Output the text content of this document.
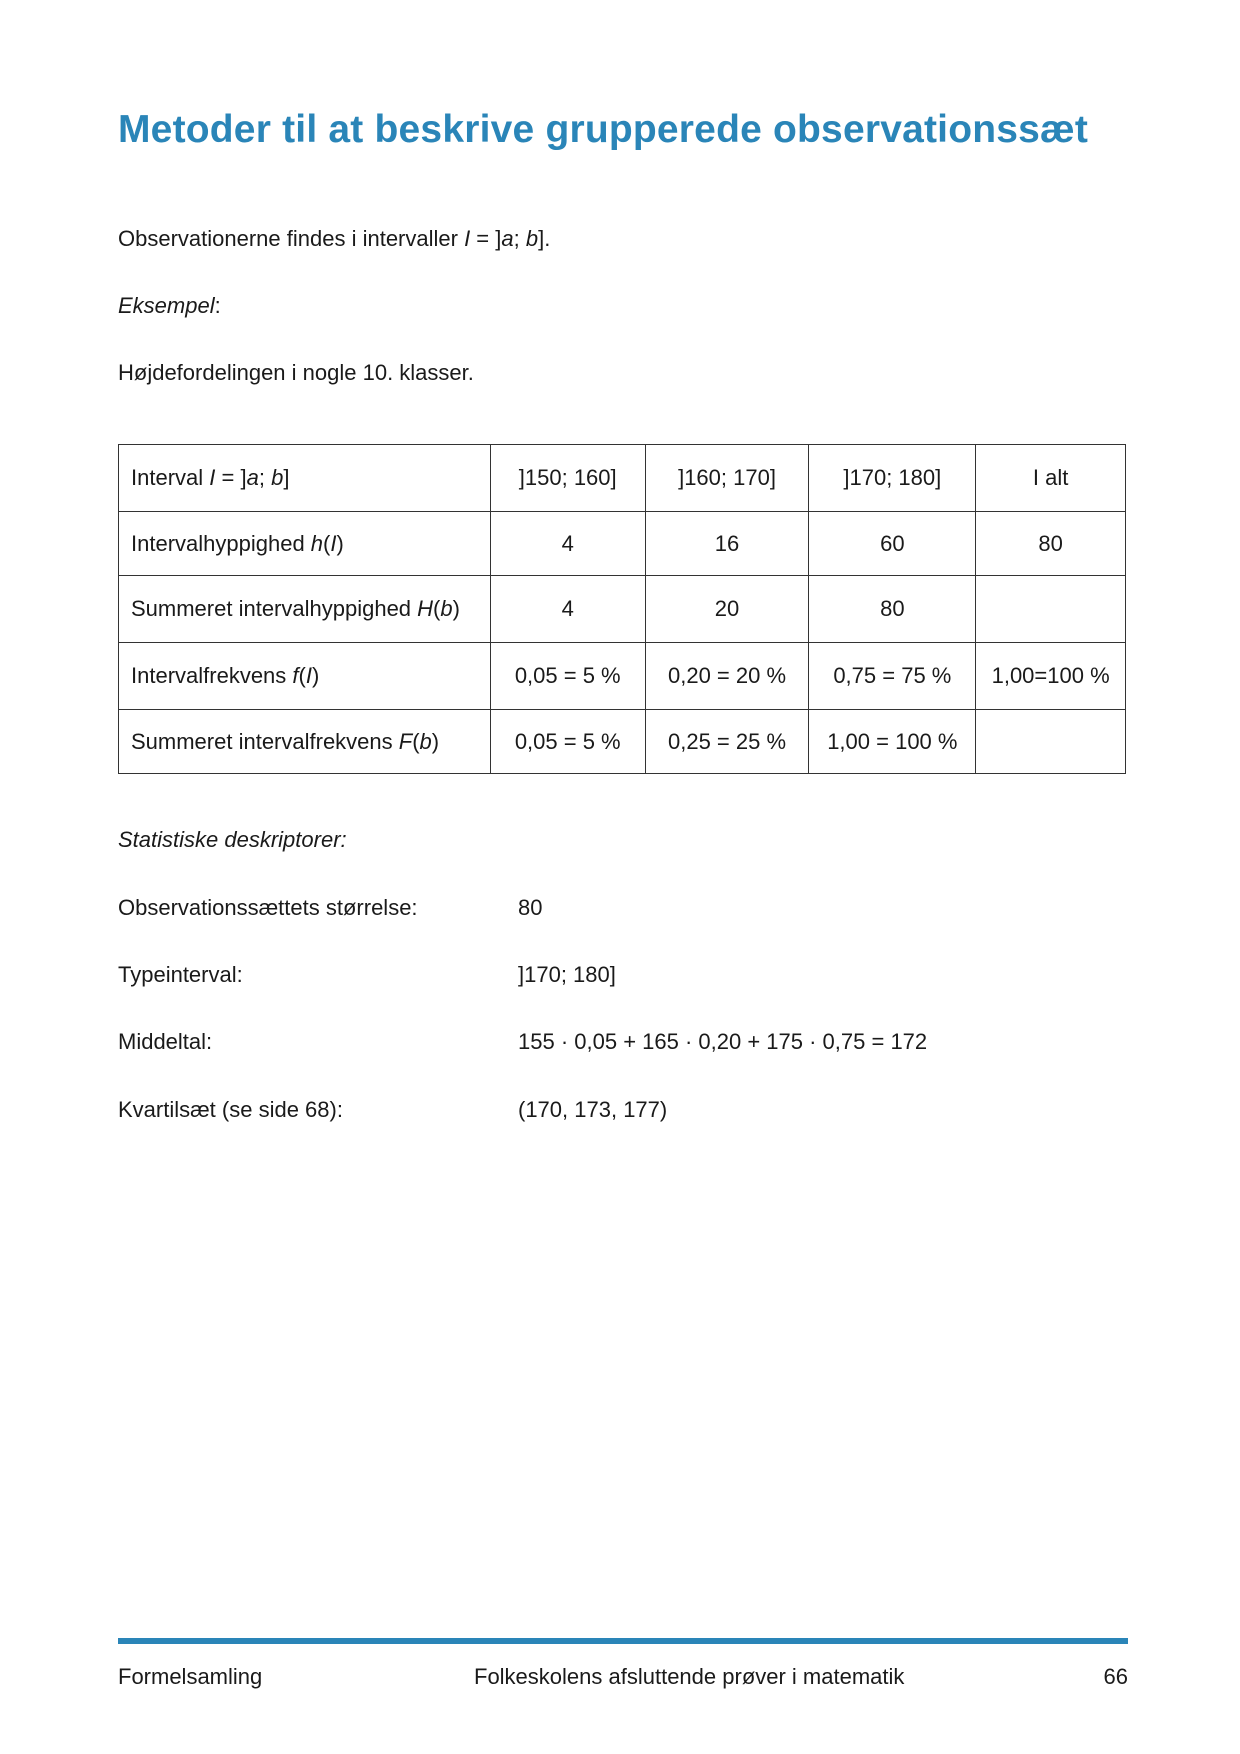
Metoder til at beskrive grupperede observationssæt

Observationerne findes i intervaller I = ]a; b].

Eksempel:

Højdefordelingen i nogle 10. klasser.

Interval I = ]a; b]	]150; 160]	]160; 170]	]170; 180]	I alt
Intervalhyppighed h(I)	4	16	60	80
Summeret intervalhyppighed H(b)	4	20	80	
Intervalfrekvens f(I)	0,05 = 5 %	0,20 = 20 %	0,75 = 75 %	1,00=100 %
Summeret intervalfrekvens F(b)	0,05 = 5 %	0,25 = 25 %	1,00 = 100 %	

Statistiske deskriptorer:

Observationssættets størrelse:	80
Typeinterval:	]170; 180]
Middeltal:	155 · 0,05 + 165 · 0,20 + 175 · 0,75 = 172
Kvartilsæt (se side 68):	(170, 173, 177)
Formelsamling	Folkeskolens afsluttende prøver i matematik	66
